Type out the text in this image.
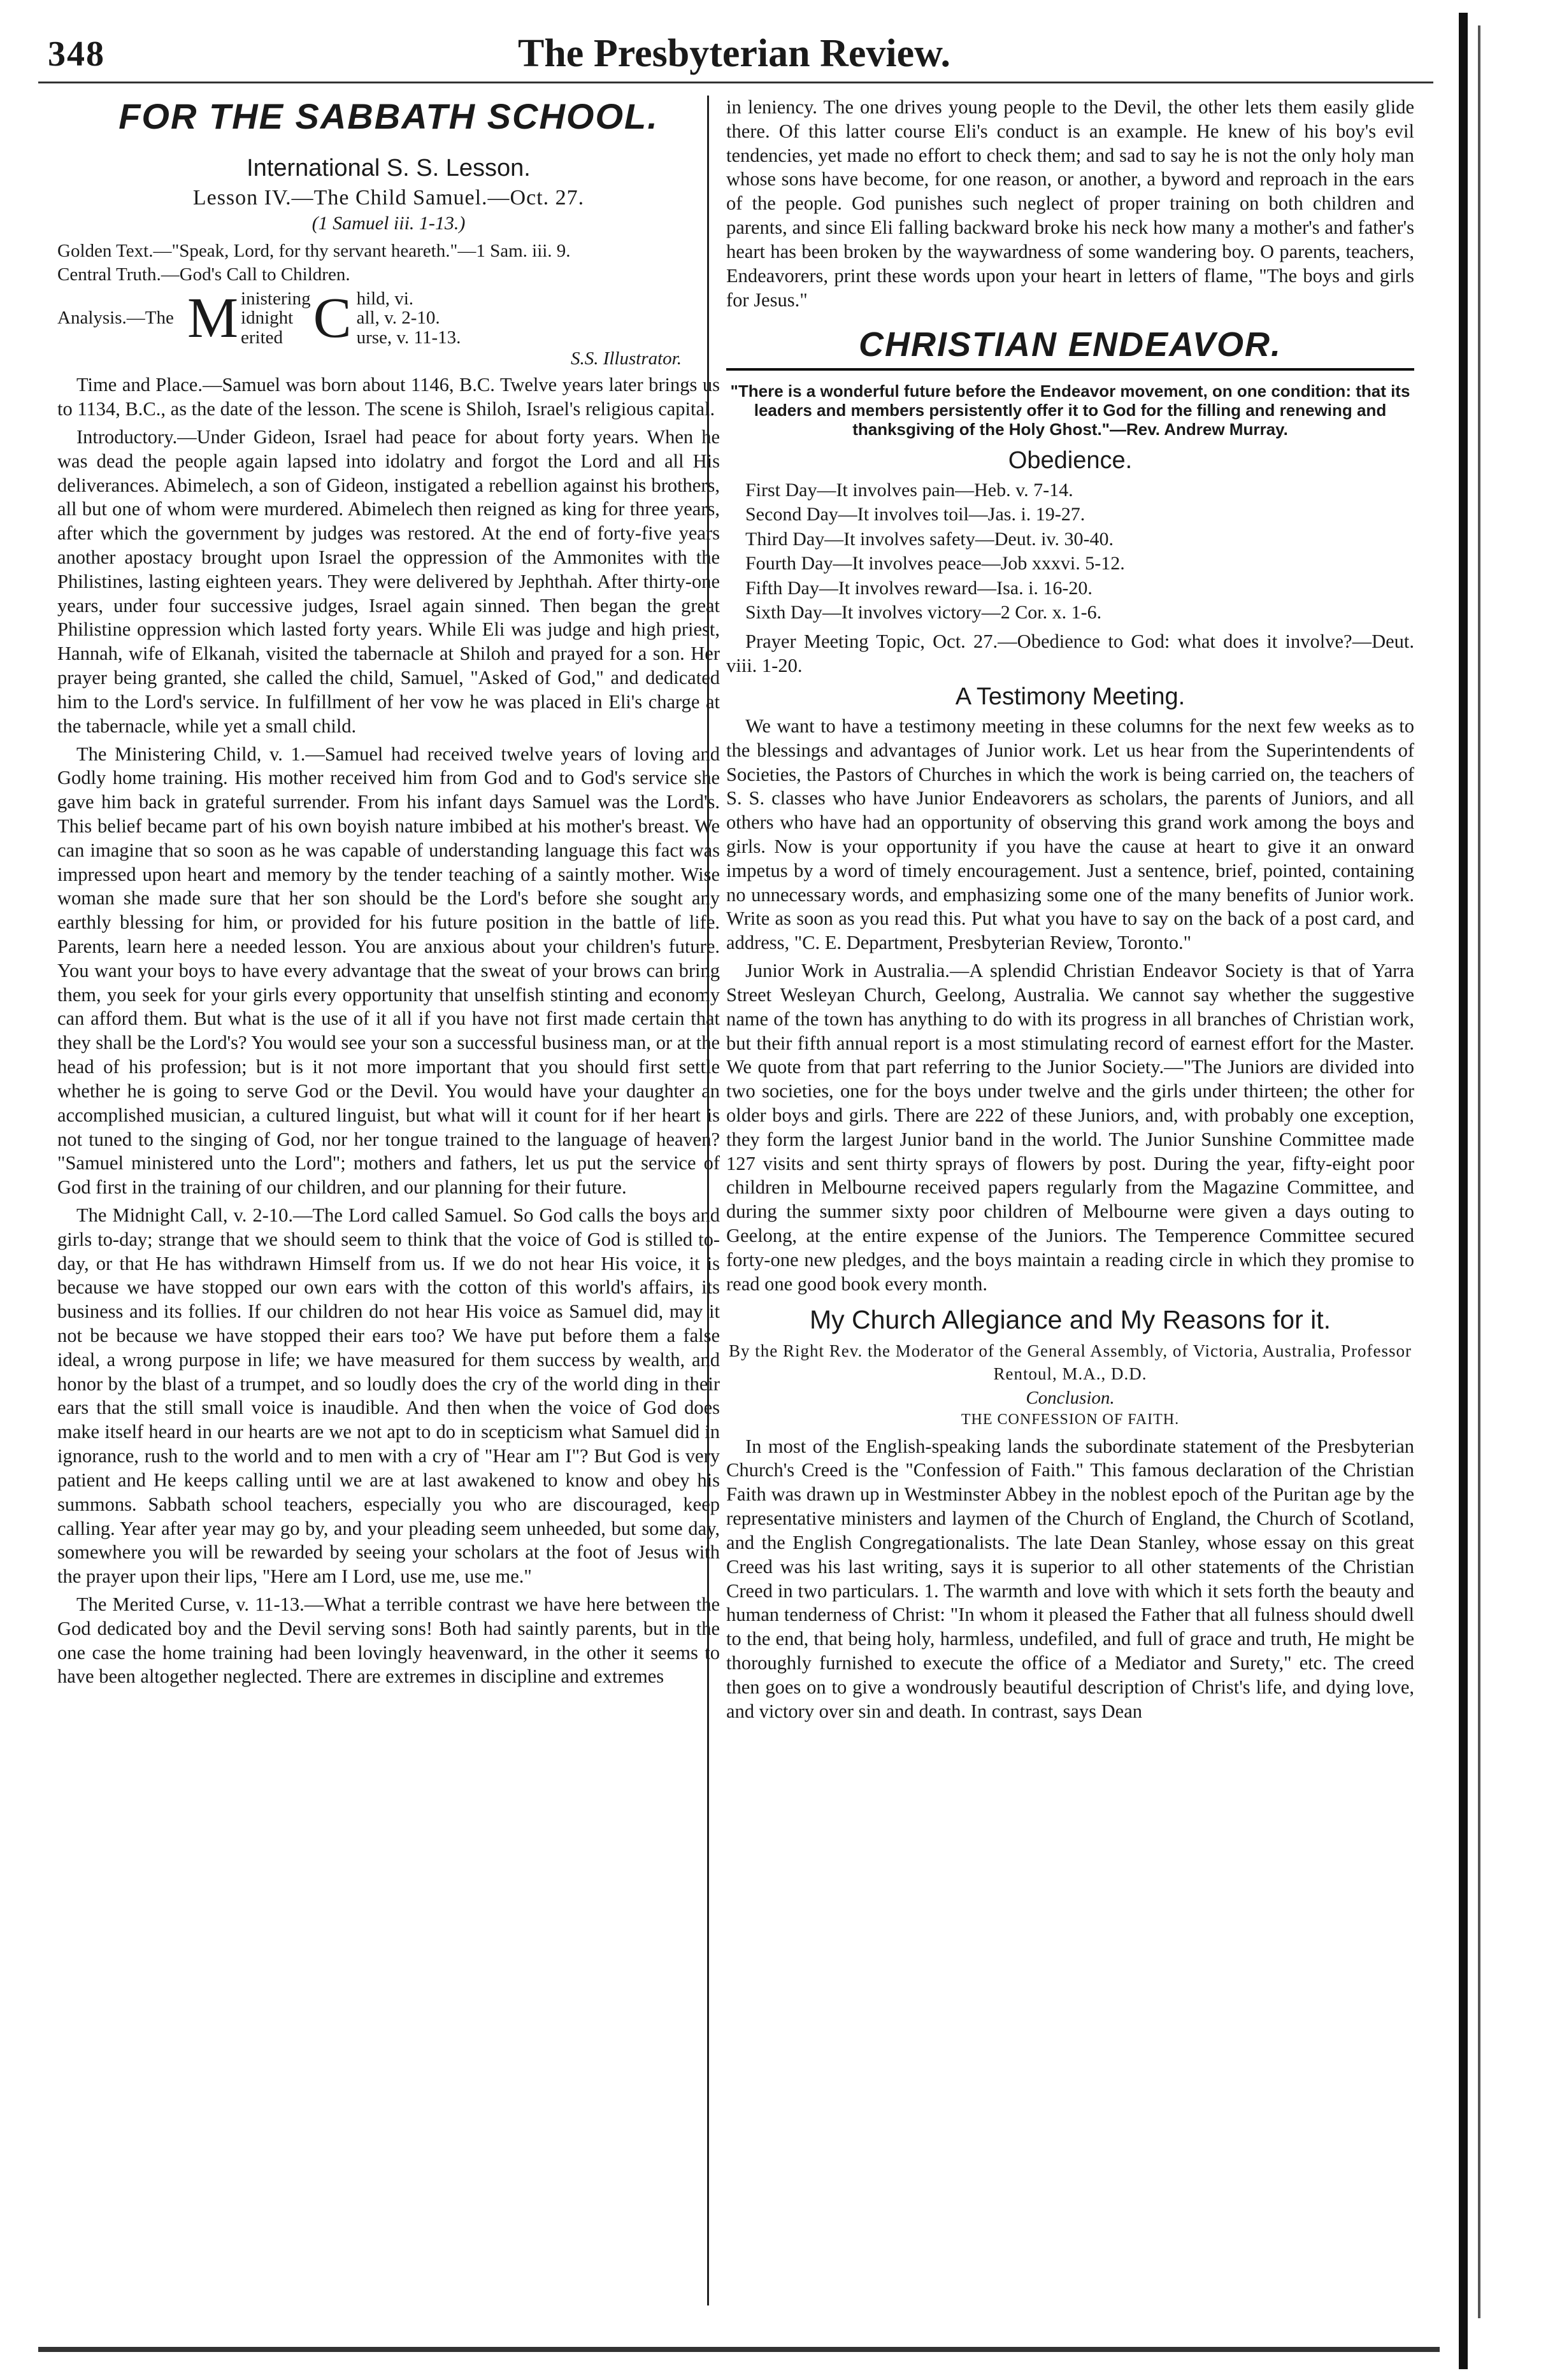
348	The Presbyterian Review.
FOR THE SABBATH SCHOOL.
International S. S. Lesson.
Lesson IV.—The Child Samuel.—Oct. 27.
(1 Samuel iii. 1-13.)
Golden Text.—"Speak, Lord, for thy servant heareth."—1 Sam. iii. 9.
Central Truth.—God's Call to Children.
Analysis.—The M inistering
idnight
erited C hild, vi.
all, v. 2-10.
urse, v. 11-13.
S.S. Illustrator.

Time and Place.—Samuel was born about 1146, B.C. Twelve years later brings us to 1134, B.C., as the date of the lesson. The scene is Shiloh, Israel's religious capital.

Introductory.—Under Gideon, Israel had peace for about forty years. When he was dead the people again lapsed into idolatry and forgot the Lord and all His deliverances. Abimelech, a son of Gideon, instigated a rebellion against his brothers, all but one of whom were murdered. Abimelech then reigned as king for three years, after which the government by judges was restored. At the end of forty-five years another apostacy brought upon Israel the oppression of the Ammonites with the Philistines, lasting eighteen years. They were delivered by Jephthah. After thirty-one years, under four successive judges, Israel again sinned. Then began the great Philistine oppression which lasted forty years. While Eli was judge and high priest, Hannah, wife of Elkanah, visited the tabernacle at Shiloh and prayed for a son. Her prayer being granted, she called the child, Samuel, "Asked of God," and dedicated him to the Lord's service. In fulfillment of her vow he was placed in Eli's charge at the tabernacle, while yet a small child.

The Ministering Child, v. 1.—Samuel had received twelve years of loving and Godly home training. His mother received him from God and to God's service she gave him back in grateful surrender. From his infant days Samuel was the Lord's. This belief became part of his own boyish nature imbibed at his mother's breast. We can imagine that so soon as he was capable of understanding language this fact was impressed upon heart and memory by the tender teaching of a saintly mother. Wise woman she made sure that her son should be the Lord's before she sought any earthly blessing for him, or provided for his future position in the battle of life. Parents, learn here a needed lesson. You are anxious about your children's future. You want your boys to have every advantage that the sweat of your brows can bring them, you seek for your girls every opportunity that unselfish stinting and economy can afford them. But what is the use of it all if you have not first made certain that they shall be the Lord's? You would see your son a successful business man, or at the head of his profession; but is it not more important that you should first settle whether he is going to serve God or the Devil. You would have your daughter an accomplished musician, a cultured linguist, but what will it count for if her heart is not tuned to the singing of God, nor her tongue trained to the language of heaven? "Samuel ministered unto the Lord"; mothers and fathers, let us put the service of God first in the training of our children, and our planning for their future.

The Midnight Call, v. 2-10.—The Lord called Samuel. So God calls the boys and girls to-day; strange that we should seem to think that the voice of God is stilled to-day, or that He has withdrawn Himself from us. If we do not hear His voice, it is because we have stopped our own ears with the cotton of this world's affairs, its business and its follies. If our children do not hear His voice as Samuel did, may it not be because we have stopped their ears too? We have put before them a false ideal, a wrong purpose in life; we have measured for them success by wealth, and honor by the blast of a trumpet, and so loudly does the cry of the world ding in their ears that the still small voice is inaudible. And then when the voice of God does make itself heard in our hearts are we not apt to do in scepticism what Samuel did in ignorance, rush to the world and to men with a cry of "Hear am I"? But God is very patient and He keeps calling until we are at last awakened to know and obey his summons. Sabbath school teachers, especially you who are discouraged, keep calling. Year after year may go by, and your pleading seem unheeded, but some day, somewhere you will be rewarded by seeing your scholars at the foot of Jesus with the prayer upon their lips, "Here am I Lord, use me, use me."

The Merited Curse, v. 11-13.—What a terrible contrast we have here between the God dedicated boy and the Devil serving sons! Both had saintly parents, but in the one case the home training had been lovingly heavenward, in the other it seems to have been altogether neglected. There are extremes in discipline and extremes

in leniency. The one drives young people to the Devil, the other lets them easily glide there. Of this latter course Eli's conduct is an example. He knew of his boy's evil tendencies, yet made no effort to check them; and sad to say he is not the only holy man whose sons have become, for one reason, or another, a byword and reproach in the ears of the people. God punishes such neglect of proper training on both children and parents, and since Eli falling backward broke his neck how many a mother's and father's heart has been broken by the waywardness of some wandering boy. O parents, teachers, Endeavorers, print these words upon your heart in letters of flame, "The boys and girls for Jesus."

CHRISTIAN ENDEAVOR.
"There is a wonderful future before the Endeavor movement, on one condition: that its leaders and members persistently offer it to God for the filling and renewing and thanksgiving of the Holy Ghost."—Rev. Andrew Murray.
Obedience.
First Day—It involves pain—Heb. v. 7-14.
Second Day—It involves toil—Jas. i. 19-27.
Third Day—It involves safety—Deut. iv. 30-40.
Fourth Day—It involves peace—Job xxxvi. 5-12.
Fifth Day—It involves reward—Isa. i. 16-20.
Sixth Day—It involves victory—2 Cor. x. 1-6.

Prayer Meeting Topic, Oct. 27.—Obedience to God: what does it involve?—Deut. viii. 1-20.

A Testimony Meeting.

We want to have a testimony meeting in these columns for the next few weeks as to the blessings and advantages of Junior work. Let us hear from the Superintendents of Societies, the Pastors of Churches in which the work is being carried on, the teachers of S. S. classes who have Junior Endeavorers as scholars, the parents of Juniors, and all others who have had an opportunity of observing this grand work among the boys and girls. Now is your opportunity if you have the cause at heart to give it an onward impetus by a word of timely encouragement. Just a sentence, brief, pointed, containing no unnecessary words, and emphasizing some one of the many benefits of Junior work. Write as soon as you read this. Put what you have to say on the back of a post card, and address, "C. E. Department, Presbyterian Review, Toronto."

Junior Work in Australia.—A splendid Christian Endeavor Society is that of Yarra Street Wesleyan Church, Geelong, Australia. We cannot say whether the suggestive name of the town has anything to do with its progress in all branches of Christian work, but their fifth annual report is a most stimulating record of earnest effort for the Master. We quote from that part referring to the Junior Society.—"The Juniors are divided into two societies, one for the boys under twelve and the girls under thirteen; the other for older boys and girls. There are 222 of these Juniors, and, with probably one exception, they form the largest Junior band in the world. The Junior Sunshine Committee made 127 visits and sent thirty sprays of flowers by post. During the year, fifty-eight poor children in Melbourne received papers regularly from the Magazine Committee, and during the summer sixty poor children of Melbourne were given a days outing to Geelong, at the entire expense of the Juniors. The Temperence Committee secured forty-one new pledges, and the boys maintain a reading circle in which they promise to read one good book every month.

My Church Allegiance and My Reasons for it.

By the Right Rev. the Moderator of the General Assembly, of Victoria, Australia, Professor Rentoul, M.A., D.D.

Conclusion.
THE CONFESSION OF FAITH.

In most of the English-speaking lands the subordinate statement of the Presbyterian Church's Creed is the "Confession of Faith." This famous declaration of the Christian Faith was drawn up in Westminster Abbey in the noblest epoch of the Puritan age by the representative ministers and laymen of the Church of England, the Church of Scotland, and the English Congregationalists. The late Dean Stanley, whose essay on this great Creed was his last writing, says it is superior to all other statements of the Christian Creed in two particulars. 1. The warmth and love with which it sets forth the beauty and human tenderness of Christ: "In whom it pleased the Father that all fulness should dwell to the end, that being holy, harmless, undefiled, and full of grace and truth, He might be thoroughly furnished to execute the office of a Mediator and Surety," etc. The creed then goes on to give a wondrously beautiful description of Christ's life, and dying love, and victory over sin and death. In contrast, says Dean
